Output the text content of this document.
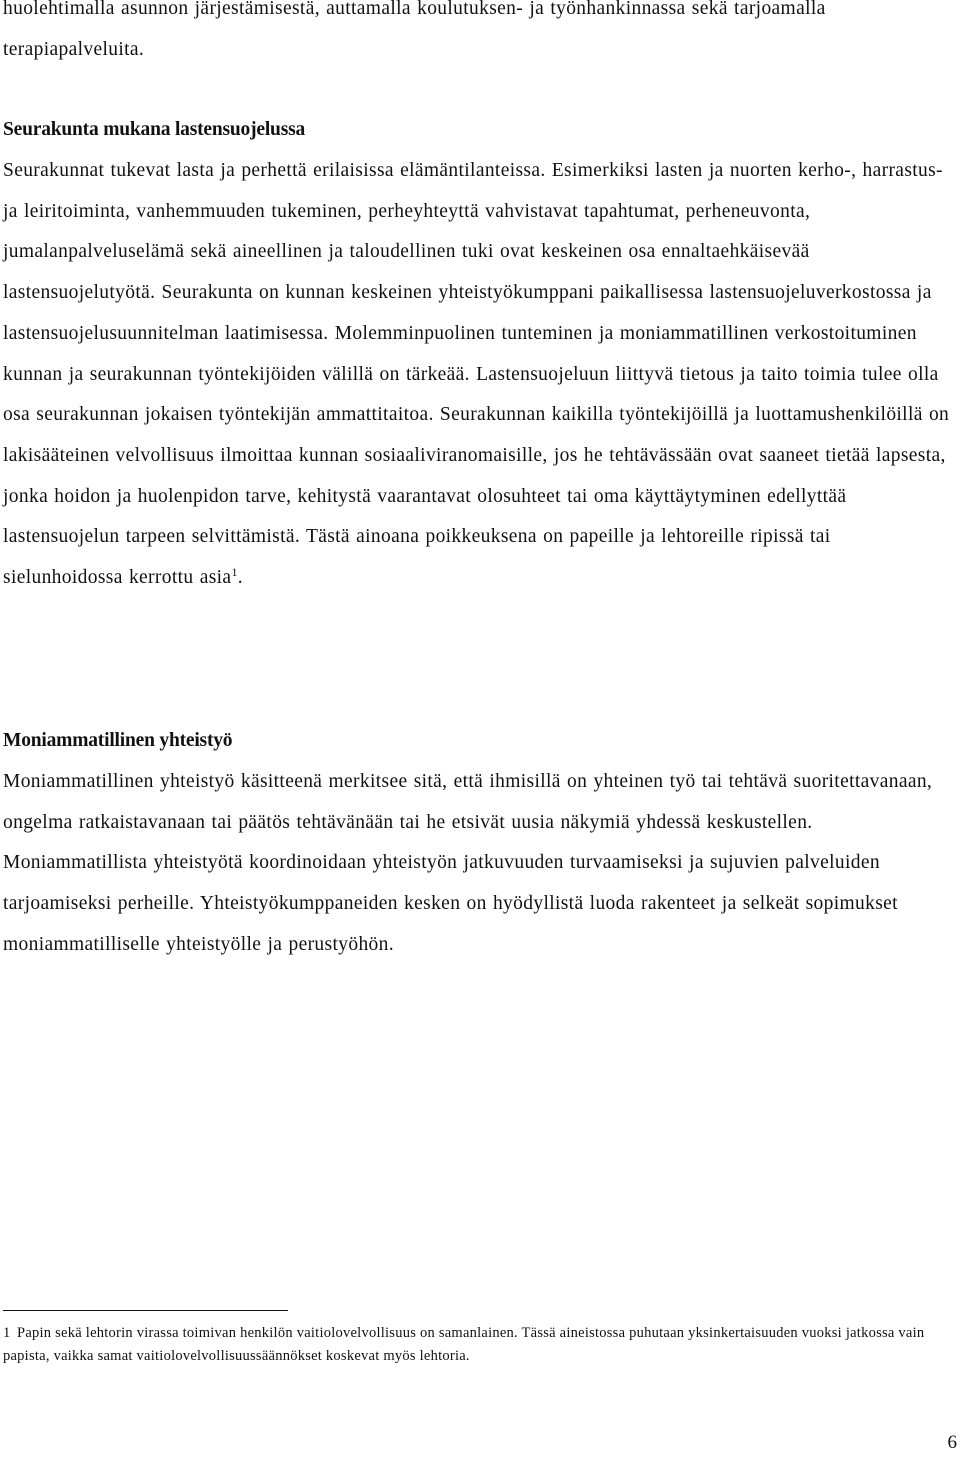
huolehtimalla asunnon järjestämisestä, auttamalla koulutuksen- ja työnhankinnassa sekä tarjoamalla terapiapalveluita.

Seurakunta mukana lastensuojelussa

Seurakunnat tukevat lasta ja perhettä erilaisissa elämäntilanteissa. Esimerkiksi lasten ja nuorten kerho-, harrastus- ja leiritoiminta, vanhemmuuden tukeminen, perheyhteyttä vahvistavat tapahtumat, perheneuvonta, jumalanpalveluselämä sekä aineellinen ja taloudellinen tuki ovat keskeinen osa ennaltaehkäisevää lastensuojelutyötä. Seurakunta on kunnan keskeinen yhteistyökumppani paikallisessa lastensuojeluverkostossa ja lastensuojelusuunnitelman laatimisessa. Molemminpuolinen tunteminen ja moniammatillinen verkostoituminen kunnan ja seurakunnan työntekijöiden välillä on tärkeää. Lastensuojeluun liittyvä tietous ja taito toimia tulee olla osa seurakunnan jokaisen työntekijän ammattitaitoa. Seurakunnan kaikilla työntekijöillä ja luottamushenkilöillä on lakisääteinen velvollisuus ilmoittaa kunnan sosiaaliviranomaisille, jos he tehtävässään ovat saaneet tietää lapsesta, jonka hoidon ja huolenpidon tarve, kehitystä vaarantavat olosuhteet tai oma käyttäytyminen edellyttää lastensuojelun tarpeen selvittämistä. Tästä ainoana poikkeuksena on papeille ja lehtoreille ripissä tai sielunhoidossa kerrottu asia$^1$.

Moniammatillinen yhteistyö

Moniammatillinen yhteistyö käsitteenä merkitsee sitä, että ihmisillä on yhteinen työ tai tehtävä suoritettavanaan, ongelma ratkaistavanaan tai päätös tehtävänään tai he etsivät uusia näkymiä yhdessä keskustellen. Moniammatillista yhteistyötä koordinoidaan yhteistyön jatkuvuuden turvaamiseksi ja sujuvien palveluiden tarjoamiseksi perheille. Yhteistyökumppaneiden kesken on hyödyllistä luoda rakenteet ja selkeät sopimukset moniammatilliselle yhteistyölle ja perustyöhön.

1 Papin sekä lehtorin virassa toimivan henkilön vaitiolovelvollisuus on samanlainen. Tässä aineistossa puhutaan yksinkertaisuuden vuoksi jatkossa vain papista, vaikka samat vaitiolovelvollisuussäännökset koskevat myös lehtoria.

6
